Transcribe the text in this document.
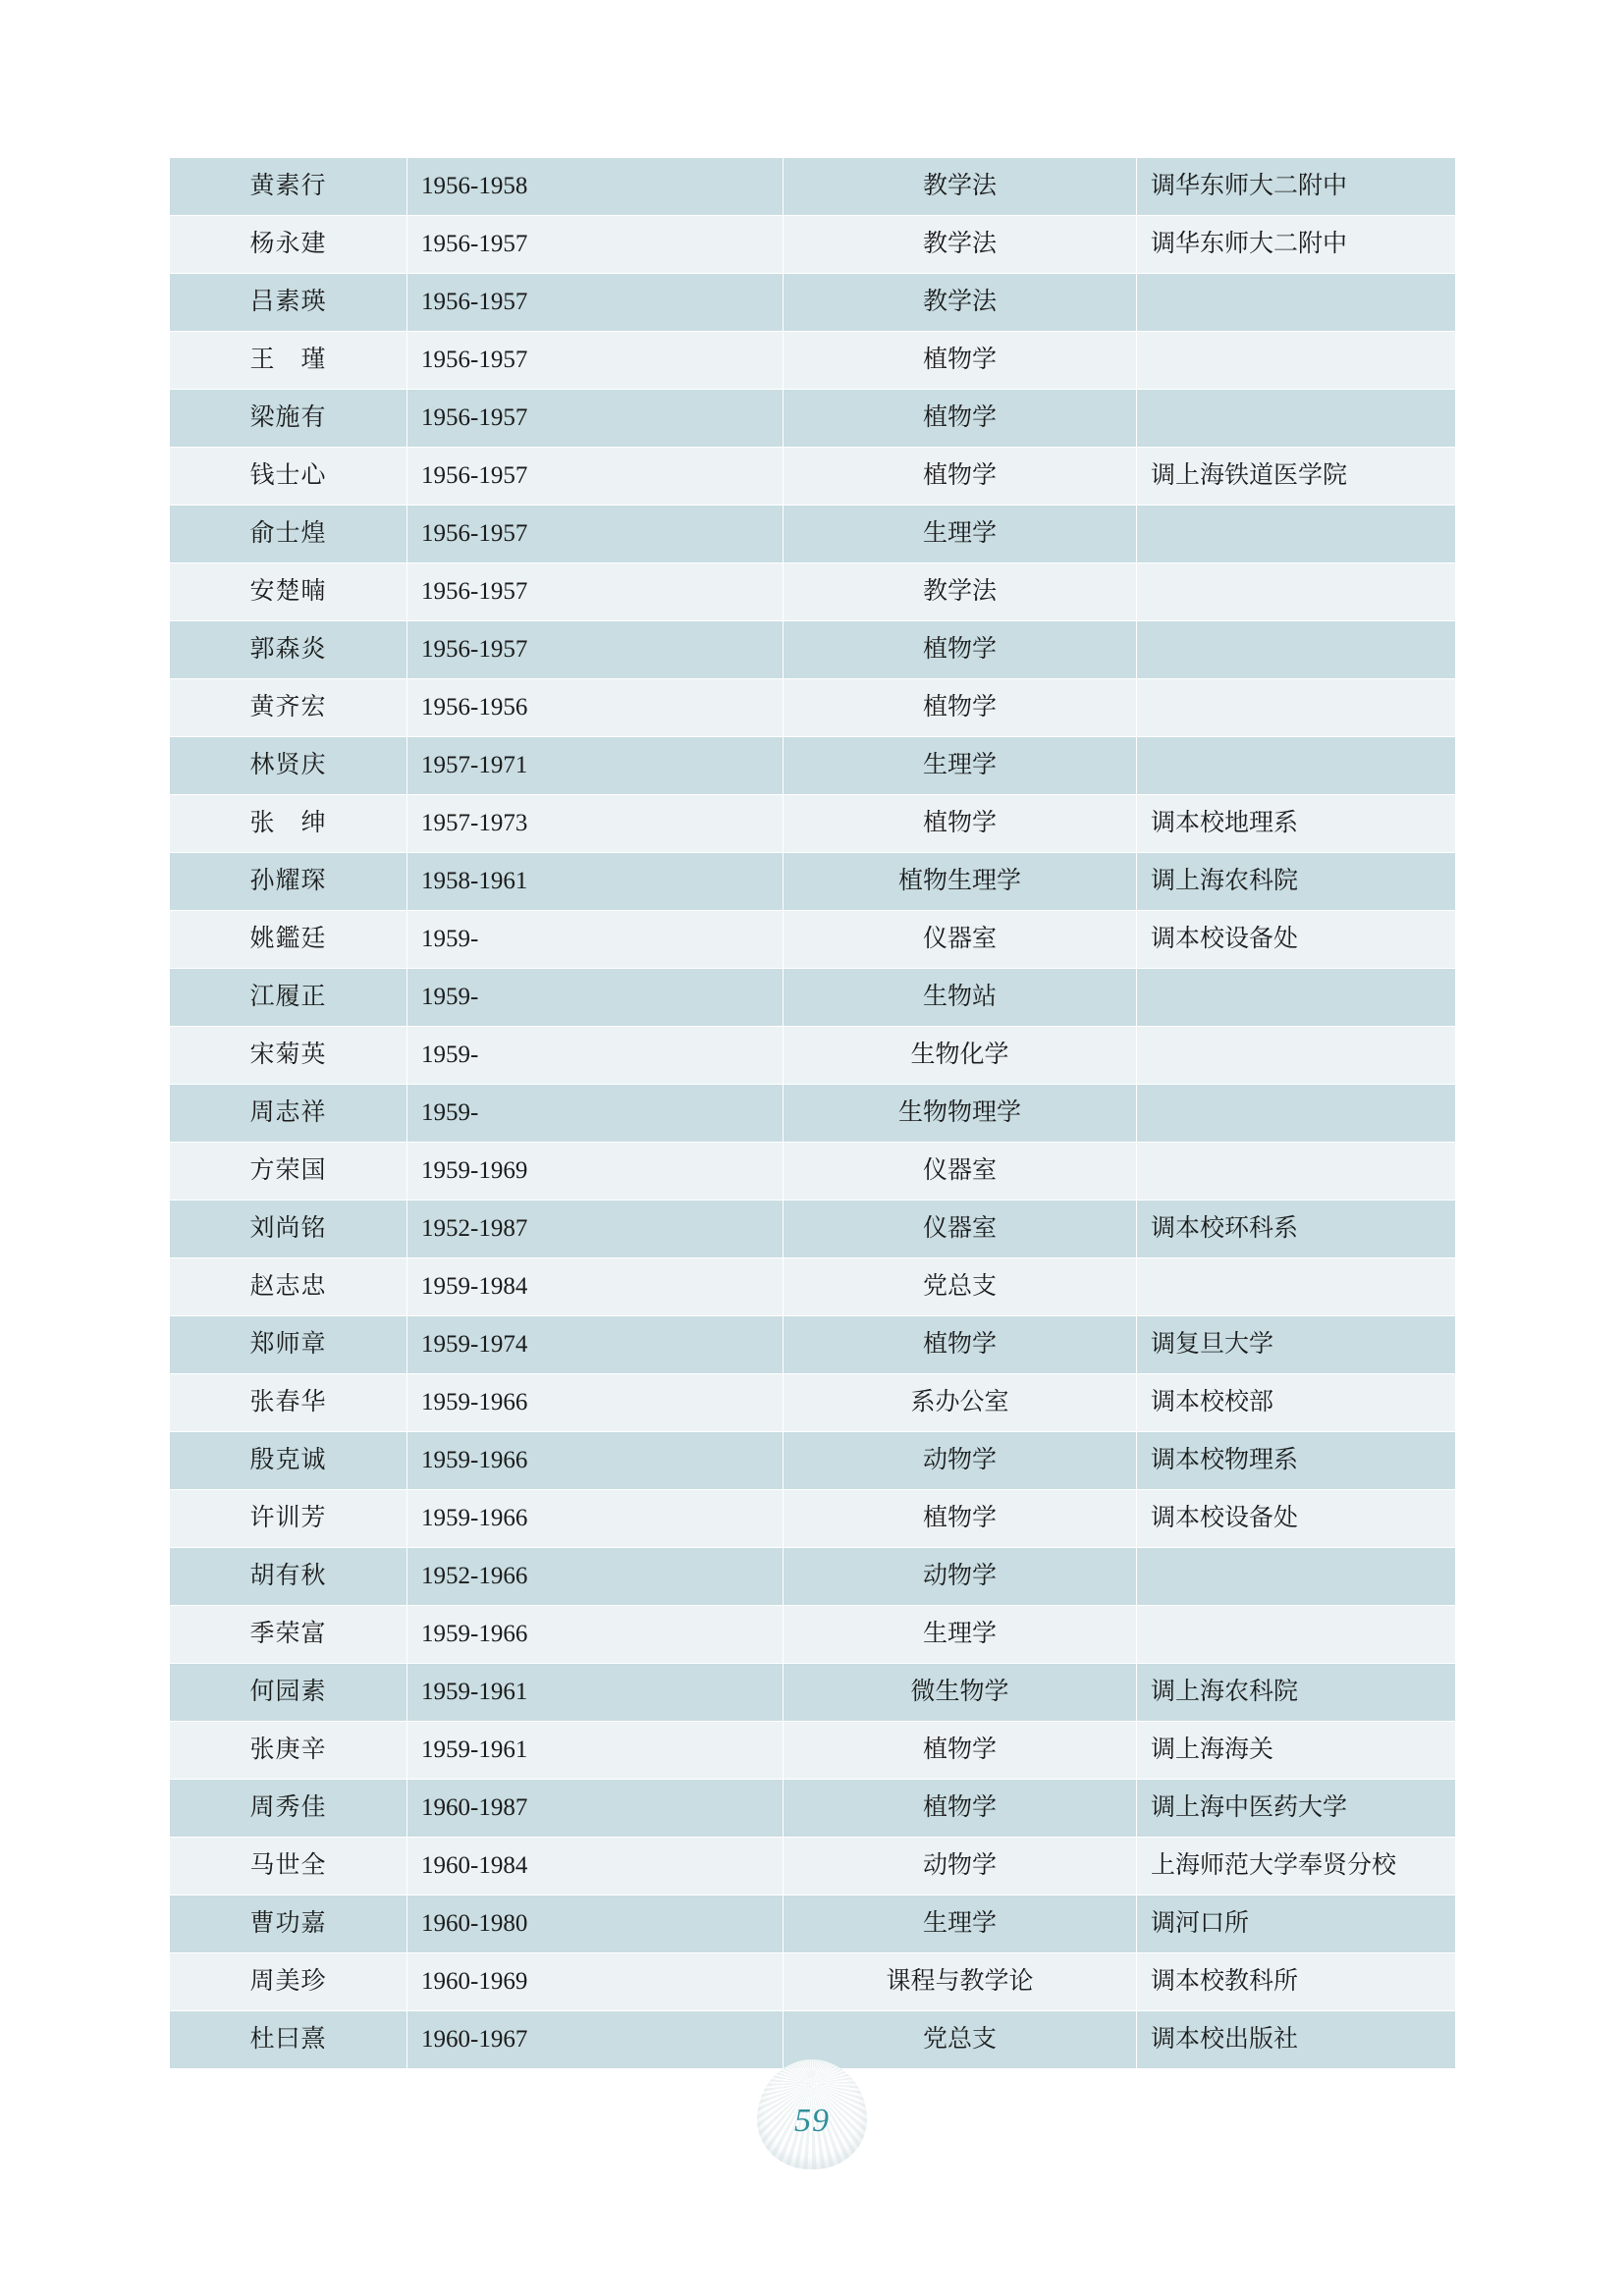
黄素行	1956-1958	教学法	调华东师大二附中
杨永建	1956-1957	教学法	调华东师大二附中
吕素瑛	1956-1957	教学法	
王　瑾	1956-1957	植物学	
梁施有	1956-1957	植物学	
钱士心	1956-1957	植物学	调上海铁道医学院
俞士煌	1956-1957	生理学	
安楚暔	1956-1957	教学法	
郭森炎	1956-1957	植物学	
黄齐宏	1956-1956	植物学	
林贤庆	1957-1971	生理学	
张　绅	1957-1973	植物学	调本校地理系
孙耀琛	1958-1961	植物生理学	调上海农科院
姚鑑廷	1959-	仪器室	调本校设备处
江履正	1959-	生物站	
宋菊英	1959-	生物化学	
周志祥	1959-	生物物理学	
方荣国	1959-1969	仪器室	
刘尚铭	1952-1987	仪器室	调本校环科系
赵志忠	1959-1984	党总支	
郑师章	1959-1974	植物学	调复旦大学
张春华	1959-1966	系办公室	调本校校部
殷克诚	1959-1966	动物学	调本校物理系
许训芳	1959-1966	植物学	调本校设备处
胡有秋	1952-1966	动物学	
季荣富	1959-1966	生理学	
何园素	1959-1961	微生物学	调上海农科院
张庚辛	1959-1961	植物学	调上海海关
周秀佳	1960-1987	植物学	调上海中医药大学
马世全	1960-1984	动物学	上海师范大学奉贤分校
曹功嘉	1960-1980	生理学	调河口所
周美珍	1960-1969	课程与教学论	调本校教科所
杜曰熹	1960-1967	党总支	调本校出版社
59
